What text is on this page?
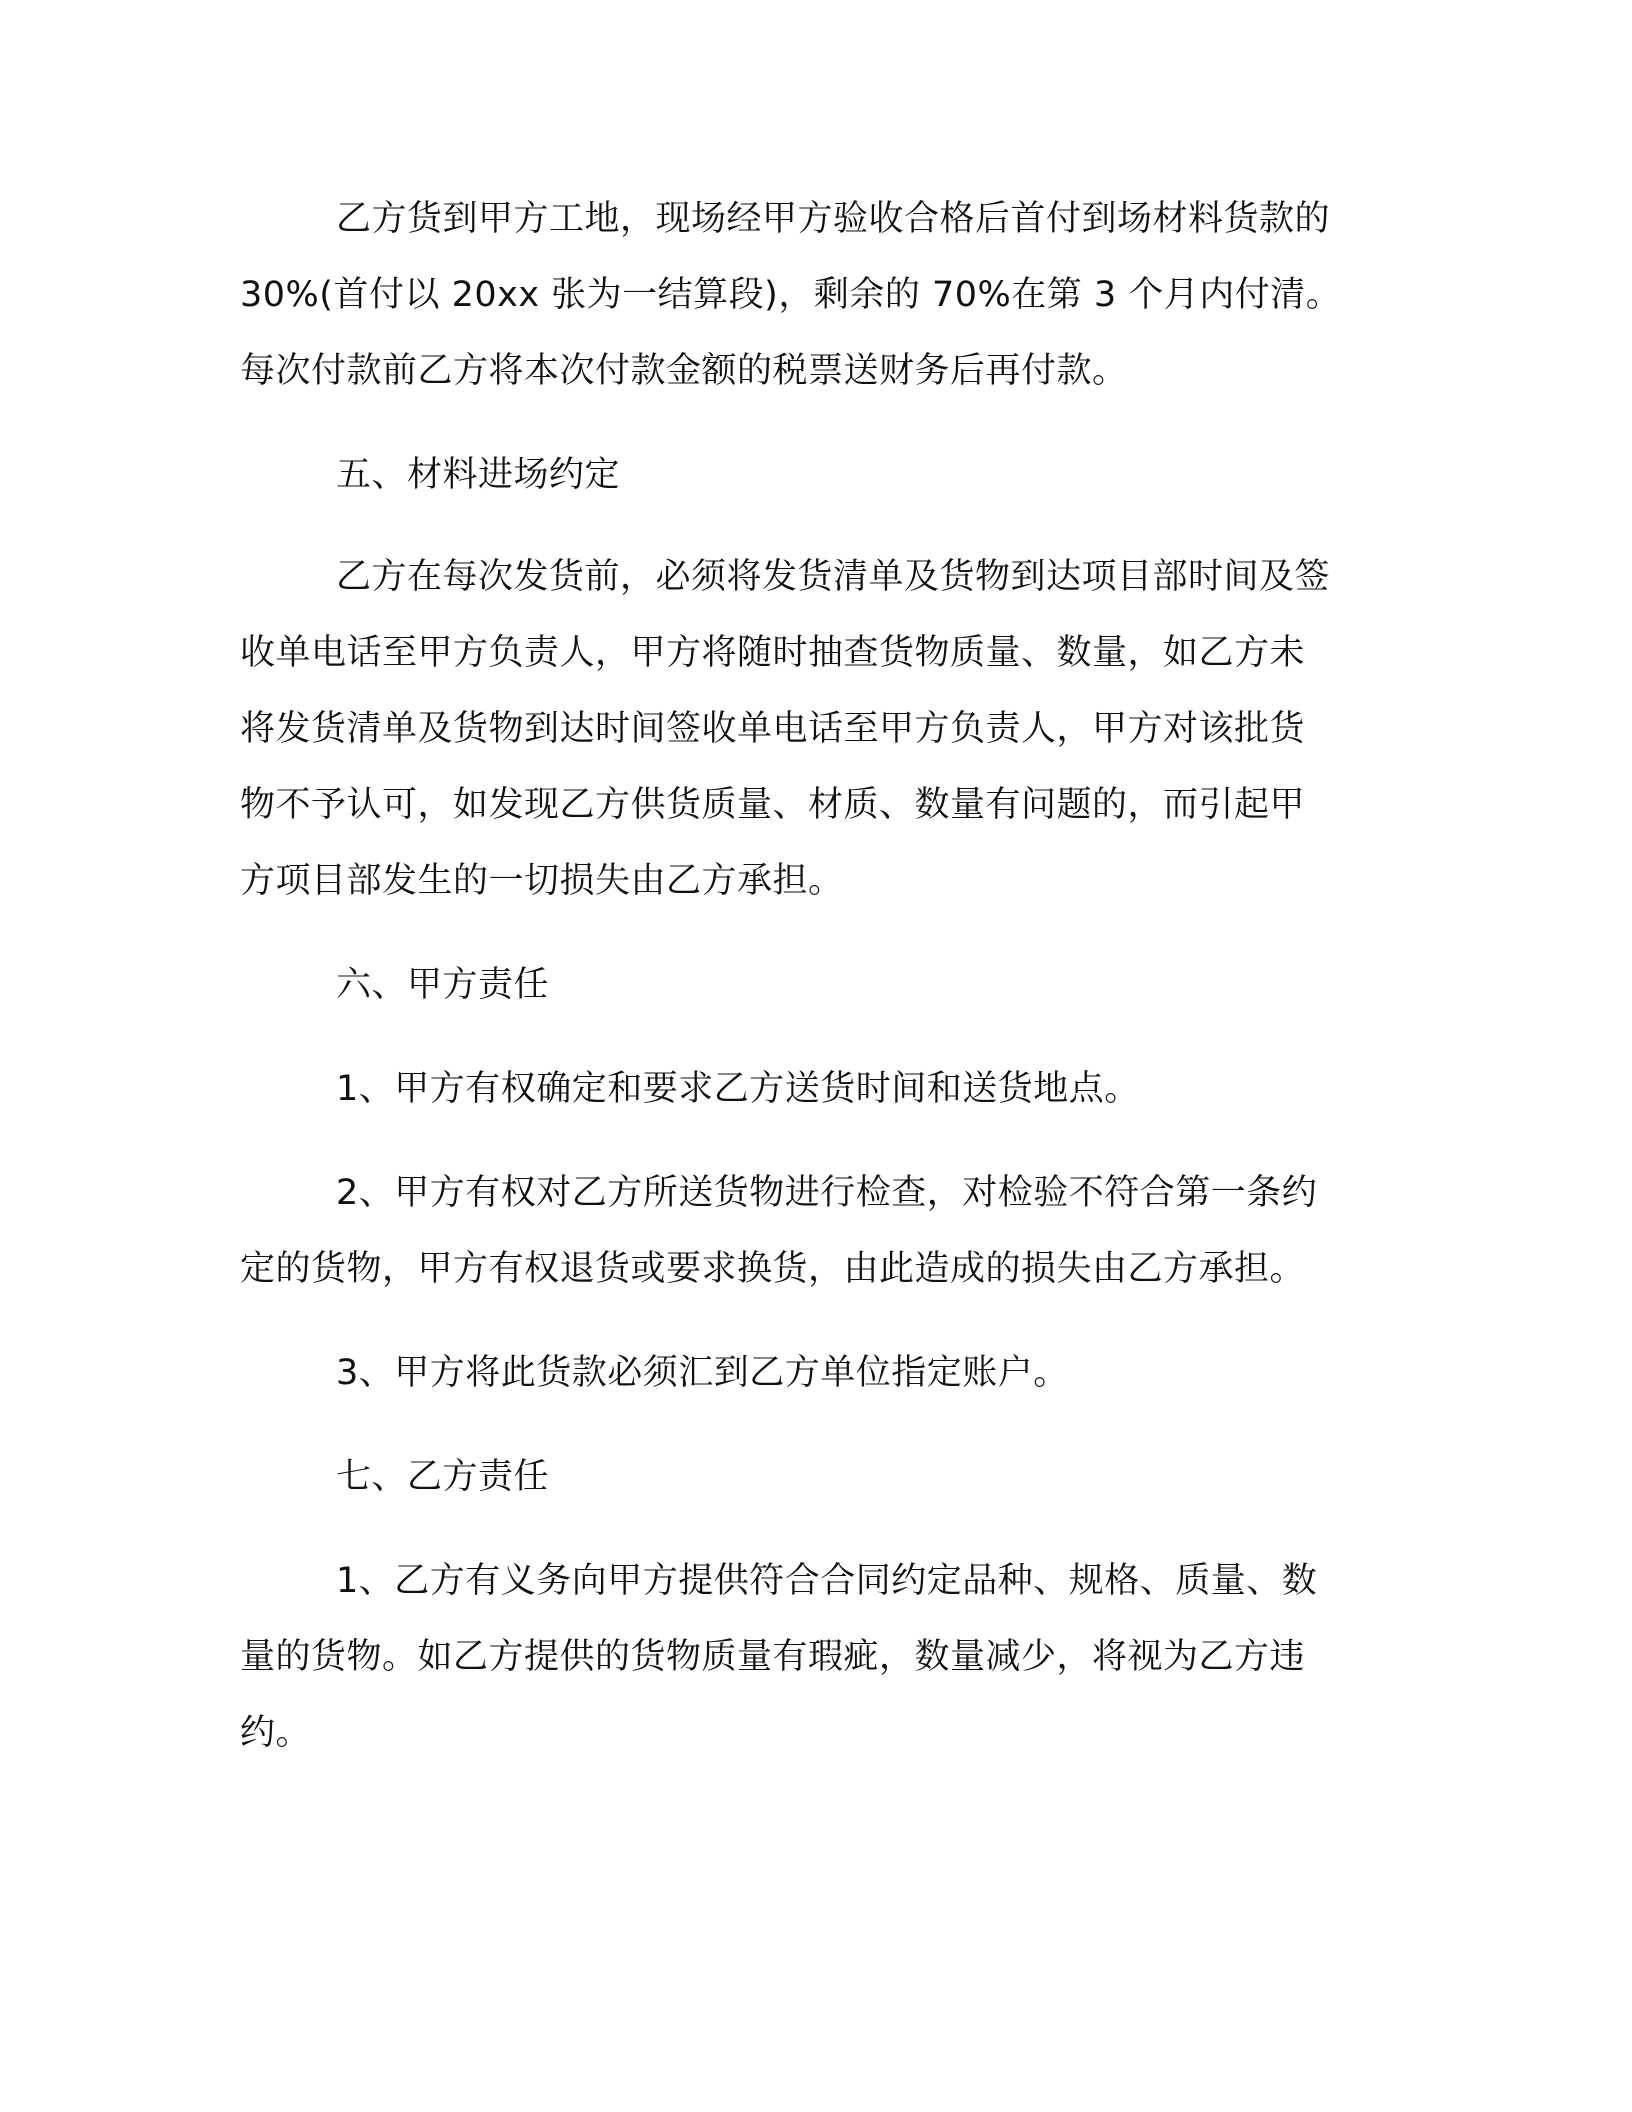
乙方货到甲方工地，现场经甲方验收合格后首付到场材料货款的
30%(首付以 20xx 张为一结算段)，剩余的 70%在第 3 个月内付清。
每次付款前乙方将本次付款金额的税票送财务后再付款。
五、材料进场约定
乙方在每次发货前，必须将发货清单及货物到达项目部时间及签
收单电话至甲方负责人，甲方将随时抽查货物质量、数量，如乙方未
将发货清单及货物到达时间签收单电话至甲方负责人，甲方对该批货
物不予认可，如发现乙方供货质量、材质、数量有问题的，而引起甲
方项目部发生的一切损失由乙方承担。
六、甲方责任
1、甲方有权确定和要求乙方送货时间和送货地点。
2、甲方有权对乙方所送货物进行检查，对检验不符合第一条约
定的货物，甲方有权退货或要求换货，由此造成的损失由乙方承担。
3、甲方将此货款必须汇到乙方单位指定账户。
七、乙方责任
1、乙方有义务向甲方提供符合合同约定品种、规格、质量、数
量的货物。如乙方提供的货物质量有瑕疵，数量减少，将视为乙方违
约。
